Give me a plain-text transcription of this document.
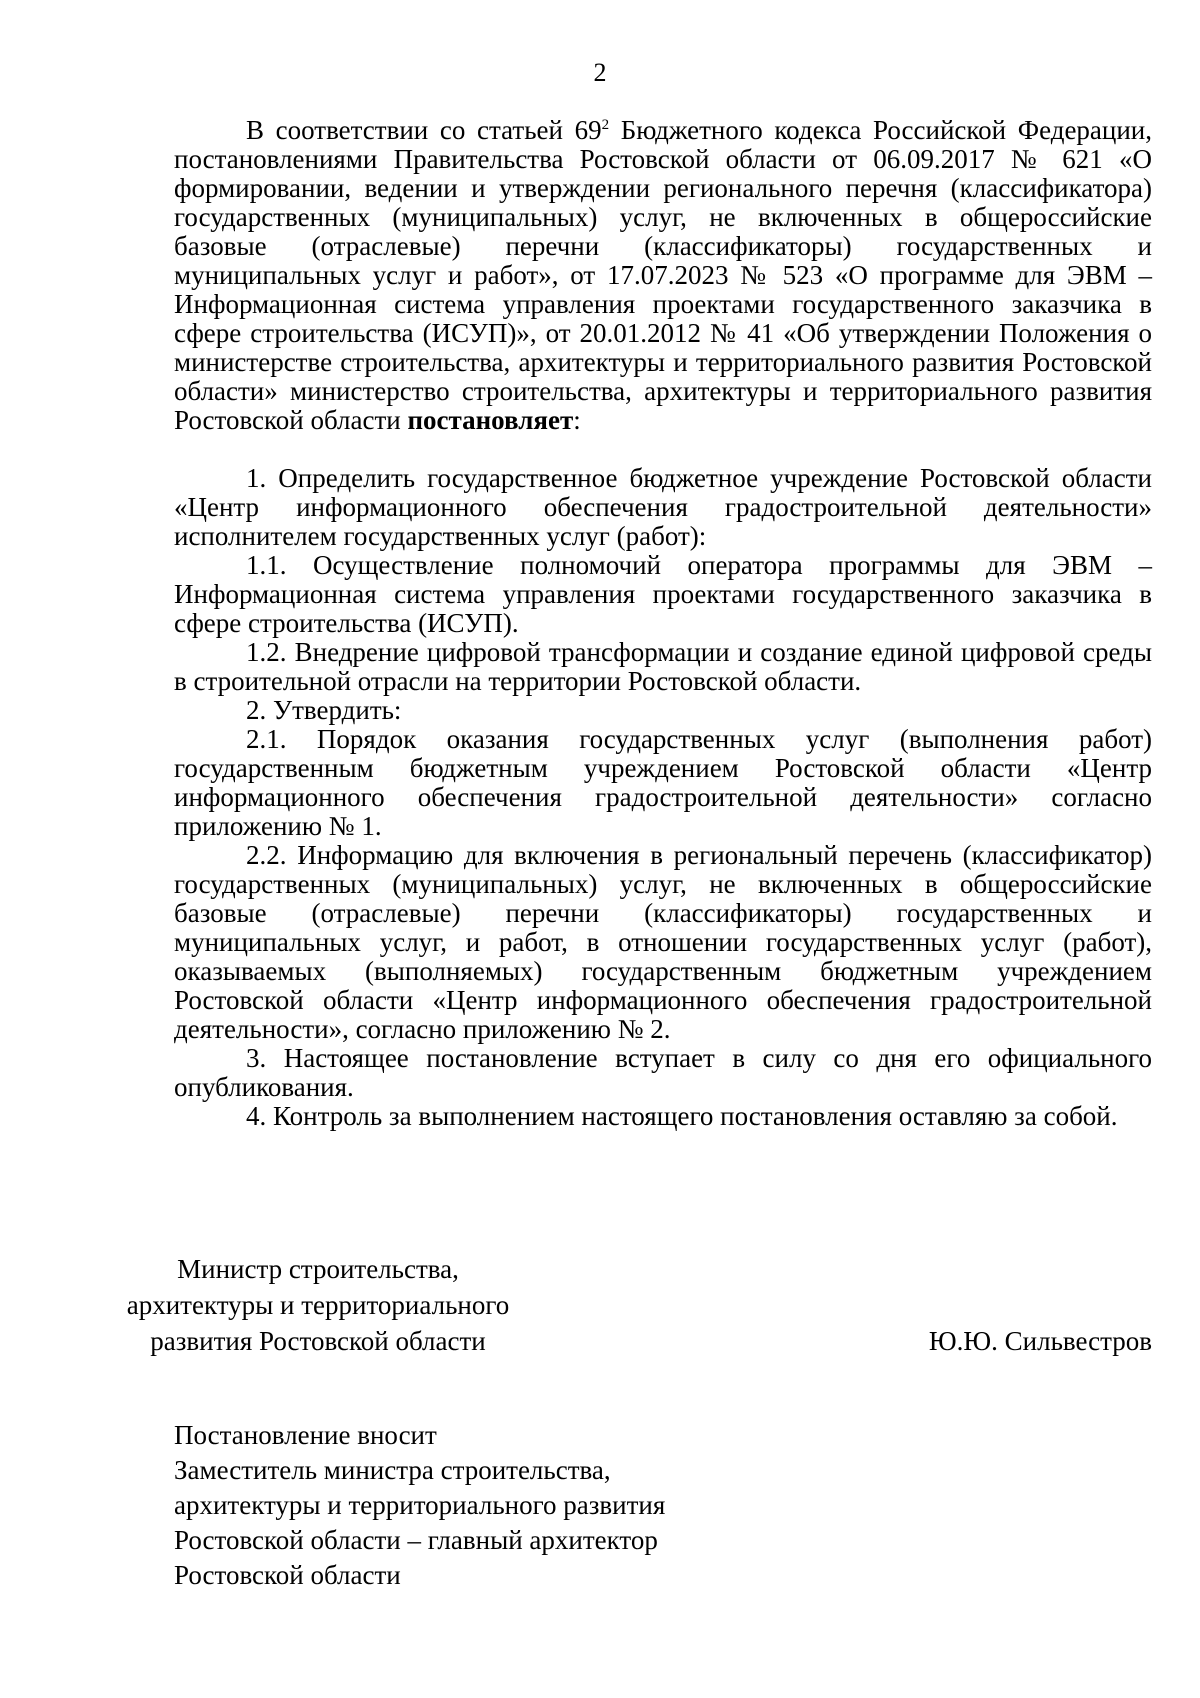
2

В соответствии со статьей $69^2$ Бюджетного кодекса Российской Федерации, постановлениями Правительства Ростовской области от 06.09.2017 № 621 «О формировании, ведении и утверждении регионального перечня (классификатора) государственных (муниципальных) услуг, не включенных в общероссийские базовые (отраслевые) перечни (классификаторы) государственных и муниципальных услуг и работ», от 17.07.2023 № 523 «О программе для ЭВМ – Информационная система управления проектами государственного заказчика в сфере строительства (ИСУП)», от 20.01.2012 № 41 «Об утверждении Положения о министерстве строительства, архитектуры и территориального развития Ростовской области» министерство строительства, архитектуры и территориального развития Ростовской области постановляет:

1. Определить государственное бюджетное учреждение Ростовской области «Центр информационного обеспечения градостроительной деятельности» исполнителем государственных услуг (работ):

1.1. Осуществление полномочий оператора программы для ЭВМ – Информационная система управления проектами государственного заказчика в сфере строительства (ИСУП).

1.2. Внедрение цифровой трансформации и создание единой цифровой среды в строительной отрасли на территории Ростовской области.

2. Утвердить:

2.1. Порядок оказания государственных услуг (выполнения работ) государственным бюджетным учреждением Ростовской области «Центр информационного обеспечения градостроительной деятельности» согласно приложению № 1.

2.2. Информацию для включения в региональный перечень (классификатор) государственных (муниципальных) услуг, не включенных в общероссийские базовые (отраслевые) перечни (классификаторы) государственных и муниципальных услуг, и работ, в отношении государственных услуг (работ), оказываемых (выполняемых) государственным бюджетным учреждением Ростовской области «Центр информационного обеспечения градостроительной деятельности», согласно приложению № 2.

3. Настоящее постановление вступает в силу со дня его официального опубликования.

4. Контроль за выполнением настоящего постановления оставляю за собой.

Министр строительства,
архитектуры и территориального
развития Ростовской области	Ю.Ю. Сильвестров
Постановление вносит
Заместитель министра строительства,
архитектуры и территориального развития
Ростовской области – главный архитектор
Ростовской области
